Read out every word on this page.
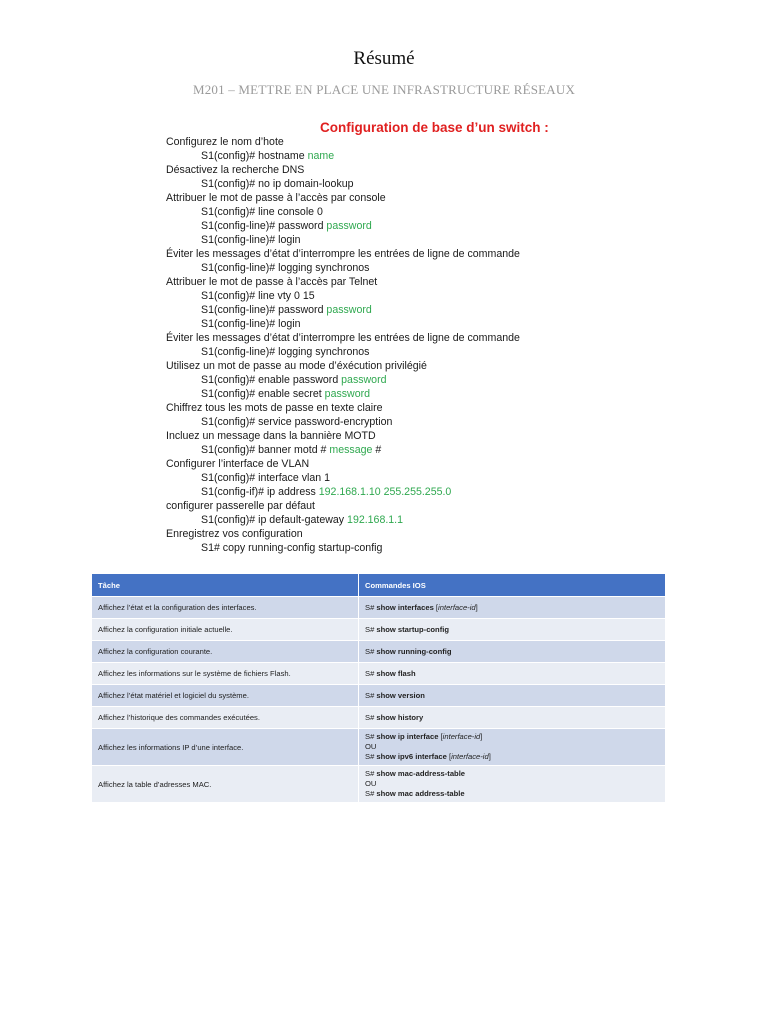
Résumé
M201 – METTRE EN PLACE UNE INFRASTRUCTURE RÉSEAUX
Configuration de base d’un switch :
Configurez le nom d’hote
S1(config)# hostname name
Désactivez la recherche DNS
S1(config)# no ip domain-lookup
Attribuer le mot de passe à l’accès par console
S1(config)# line console 0
S1(config-line)# password password
S1(config-line)# login
Éviter les messages d’état d’interrompre les entrées de ligne de commande
S1(config-line)# logging synchronos
Attribuer le mot de passe à l’accès par Telnet
S1(config)# line vty 0 15
S1(config-line)# password password
S1(config-line)# login
Éviter les messages d’état d’interrompre les entrées de ligne de commande
S1(config-line)# logging synchronos
Utilisez un mot de passe au mode d’éxécution privilégié
S1(config)# enable password password
S1(config)# enable secret password
Chiffrez tous les mots de passe en texte claire
S1(config)# service password-encryption
Incluez un message dans la bannière MOTD
S1(config)# banner motd # message #
Configurer l’interface de VLAN
S1(config)# interface vlan 1
S1(config-if)# ip address 192.168.1.10 255.255.255.0
configurer passerelle par défaut
S1(config)# ip default-gateway 192.168.1.1
Enregistrez vos configuration
S1# copy running-config startup-config
Tâche	Commandes IOS
Affichez l’état et la configuration des interfaces.	S# show interfaces [interface-id]

Affichez la configuration initiale actuelle.	S# show startup-config

Affichez la configuration courante.	S# show running-config

Affichez les informations sur le système de fichiers Flash.	S# show flash

Affichez l’état matériel et logiciel du système.	S# show version

Affichez l’historique des commandes exécutées.	S# show history

Affichez les informations IP d’une interface.	S# show ip interface [interface-id]
OU
S# show ipv6 interface [interface-id]

Affichez la table d’adresses MAC.	S# show mac-address-table
OU
S# show mac address-table
